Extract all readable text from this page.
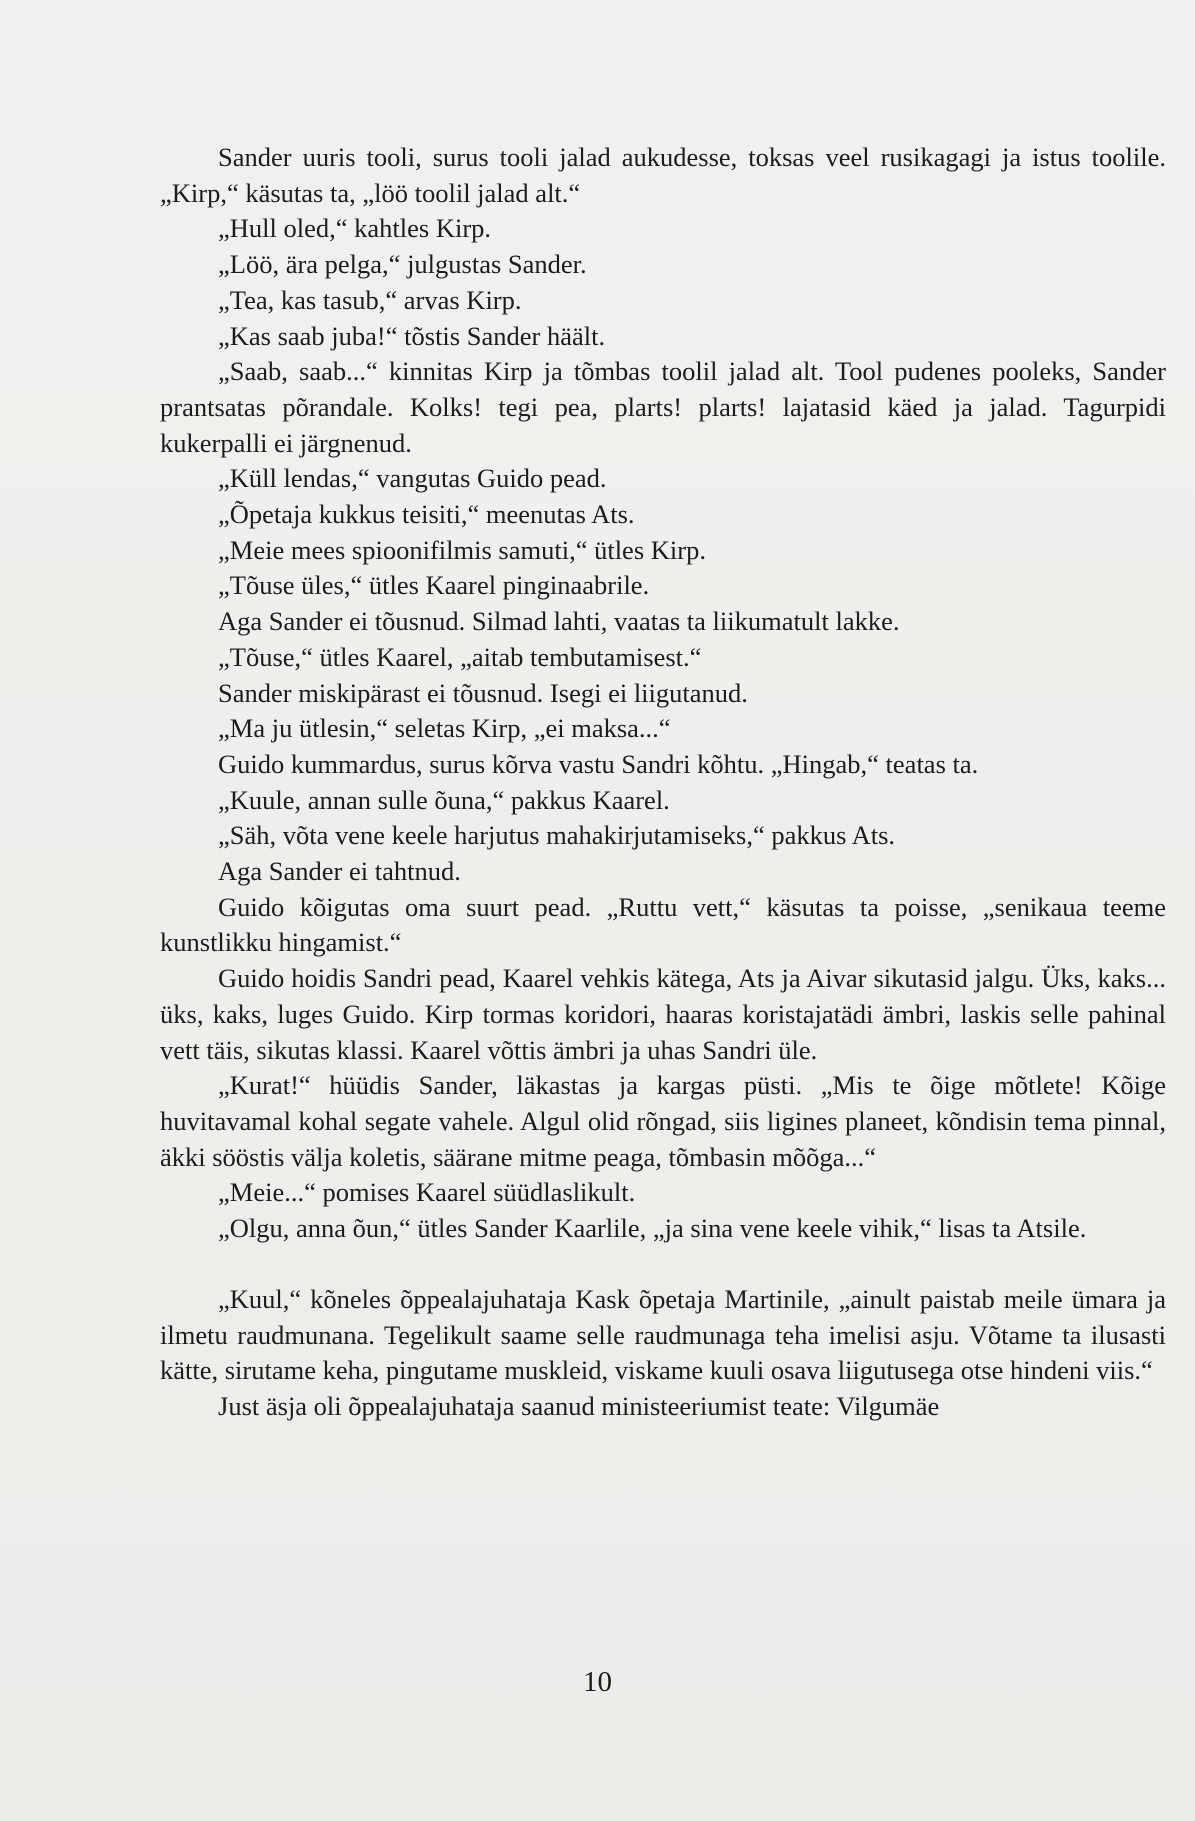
Sander uuris tooli, surus tooli jalad aukudesse, toksas veel rusikagagi ja istus toolile. „Kirp,“ käsutas ta, „löö toolil jalad alt.“

„Hull oled,“ kahtles Kirp.

„Löö, ära pelga,“ julgustas Sander.

„Tea, kas tasub,“ arvas Kirp.

„Kas saab juba!“ tõstis Sander häält.

„Saab, saab...“ kinnitas Kirp ja tõmbas toolil jalad alt. Tool pudenes pooleks, Sander prantsatas põrandale. Kolks! tegi pea, plarts! plarts! lajatasid käed ja jalad. Tagurpidi kukerpalli ei järgnenud.

„Küll lendas,“ vangutas Guido pead.

„Õpetaja kukkus teisiti,“ meenutas Ats.

„Meie mees spioonifilmis samuti,“ ütles Kirp.

„Tõuse üles,“ ütles Kaarel pinginaabrile.

Aga Sander ei tõusnud. Silmad lahti, vaatas ta liikumatult lakke.

„Tõuse,“ ütles Kaarel, „aitab tembutamisest.“

Sander miskipärast ei tõusnud. Isegi ei liigutanud.

„Ma ju ütlesin,“ seletas Kirp, „ei maksa...“

Guido kummardus, surus kõrva vastu Sandri kõhtu. „Hingab,“ teatas ta.

„Kuule, annan sulle õuna,“ pakkus Kaarel.

„Säh, võta vene keele harjutus mahakirjutamiseks,“ pakkus Ats.

Aga Sander ei tahtnud.

Guido kõigutas oma suurt pead. „Ruttu vett,“ käsutas ta poisse, „senikaua teeme kunstlikku hingamist.“

Guido hoidis Sandri pead, Kaarel vehkis kätega, Ats ja Aivar sikutasid jalgu. Üks, kaks... üks, kaks, luges Guido. Kirp tormas koridori, haaras koristajatädi ämbri, laskis selle pahinal vett täis, sikutas klassi. Kaarel võttis ämbri ja uhas Sandri üle.

„Kurat!“ hüüdis Sander, läkastas ja kargas püsti. „Mis te õige mõtlete! Kõige huvitavamal kohal segate vahele. Algul olid rõngad, siis ligines planeet, kõndisin tema pinnal, äkki sööstis välja koletis, säärane mitme peaga, tõmbasin mõõga...“

„Meie...“ pomises Kaarel süüdlaslikult.

„Olgu, anna õun,“ ütles Sander Kaarlile, „ja sina vene keele vihik,“ lisas ta Atsile.

„Kuul,“ kõneles õppealajuhataja Kask õpetaja Martinile, „ainult paistab meile ümara ja ilmetu raudmunana. Tegelikult saame selle raudmunaga teha imelisi asju. Võtame ta ilusasti kätte, sirutame keha, pingutame muskleid, viskame kuuli osava liigutusega otse hindeni viis.“

Just äsja oli õppealajuhataja saanud ministeeriumist teate: Vilgumäe

10
